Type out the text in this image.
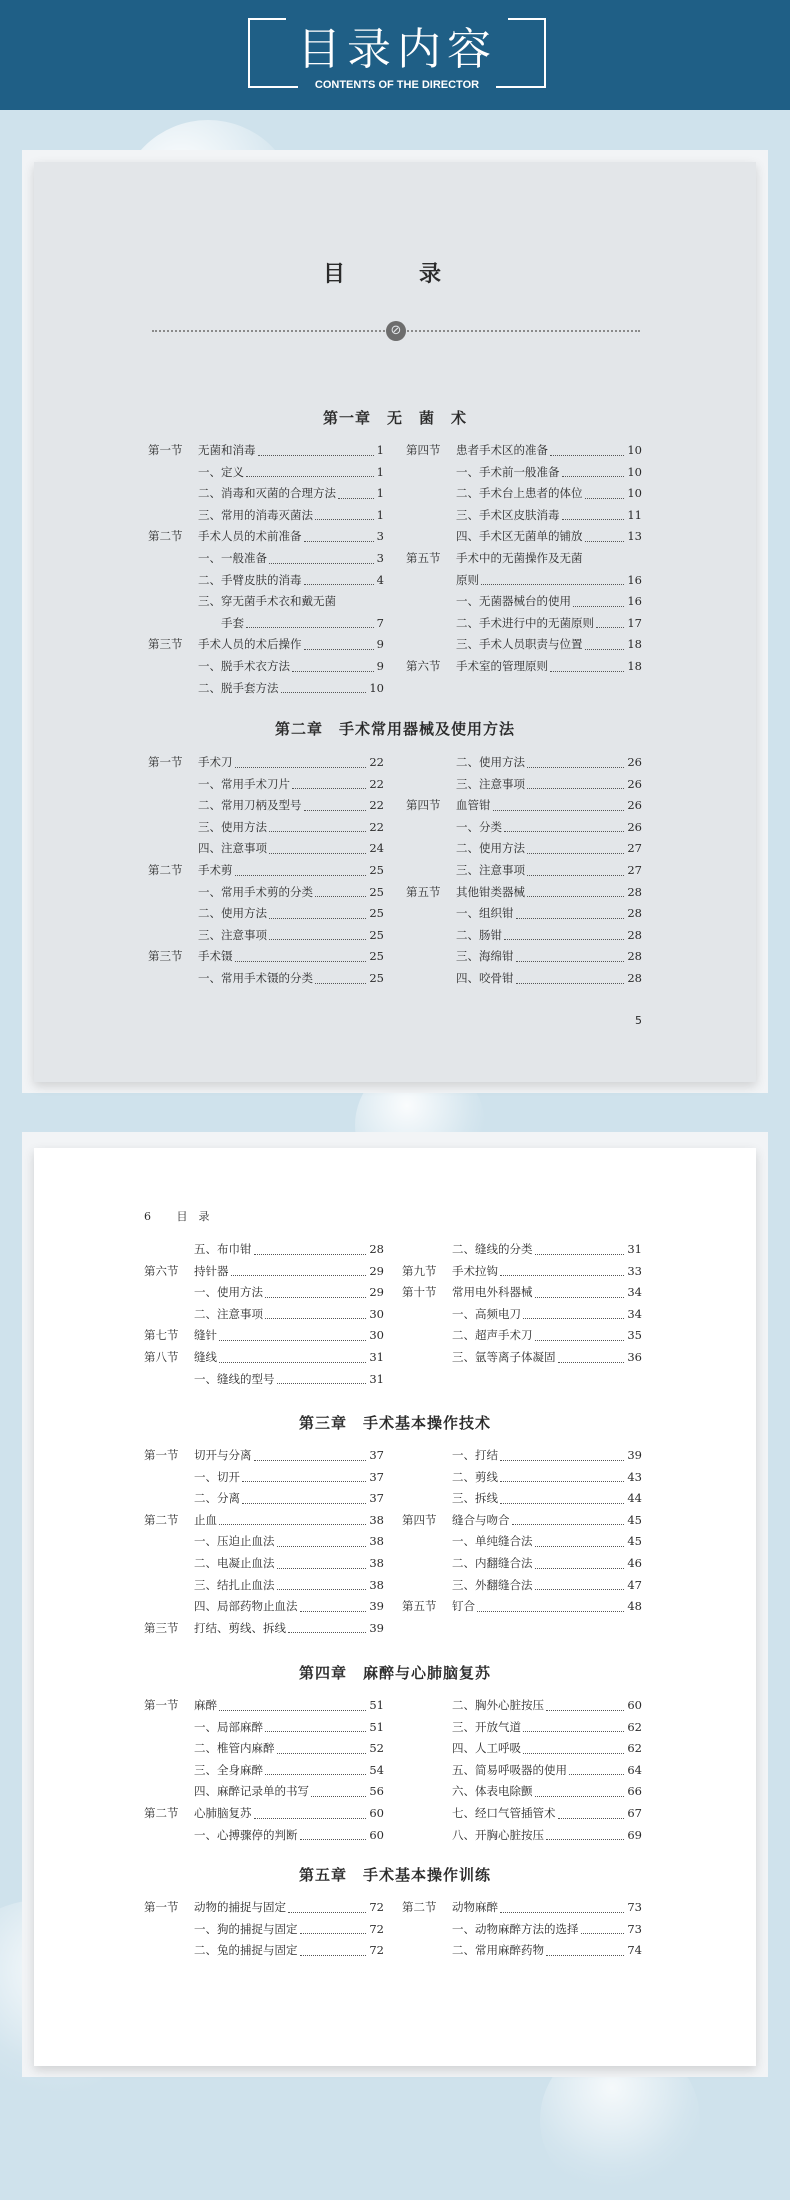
目录内容
CONTENTS OF THE DIRECTOR
目　录
⊘
5
第一章　无　菌　术
第一节 无菌和消毒	1
一、定义	1
二、消毒和灭菌的合理方法	1
三、常用的消毒灭菌法	1
第二节 手术人员的术前准备	3
一、一般准备	3
二、手臂皮肤的消毒	4
三、穿无菌手术衣和戴无菌
　　手套	7
第三节 手术人员的术后操作	9
一、脱手术衣方法	9
二、脱手套方法	10
第四节 患者手术区的准备	10
一、手术前一般准备	10
二、手术台上患者的体位	10
三、手术区皮肤消毒	11
四、手术区无菌单的铺放	13
第五节 手术中的无菌操作及无菌
原则	16
一、无菌器械台的使用	16
二、手术进行中的无菌原则	17
三、手术人员职责与位置	18
第六节 手术室的管理原则	18
第二章　手术常用器械及使用方法
第一节 手术刀	22
一、常用手术刀片	22
二、常用刀柄及型号	22
三、使用方法	22
四、注意事项	24
第二节 手术剪	25
一、常用手术剪的分类	25
二、使用方法	25
三、注意事项	25
第三节 手术镊	25
一、常用手术镊的分类	25
二、使用方法	26
三、注意事项	26
第四节 血管钳	26
一、分类	26
二、使用方法	27
三、注意事项	27
第五节 其他钳类器械	28
一、组织钳	28
二、肠钳	28
三、海绵钳	28
四、咬骨钳	28
6 目　录
五、布巾钳	28
第六节 持针器	29
一、使用方法	29
二、注意事项	30
第七节 缝针	30
第八节 缝线	31
一、缝线的型号	31
二、缝线的分类	31
第九节 手术拉钩	33
第十节 常用电外科器械	34
一、高频电刀	34
二、超声手术刀	35
三、氩等离子体凝固	36
第三章　手术基本操作技术
第一节 切开与分离	37
一、切开	37
二、分离	37
第二节 止血	38
一、压迫止血法	38
二、电凝止血法	38
三、结扎止血法	38
四、局部药物止血法	39
第三节 打结、剪线、拆线	39
一、打结	39
二、剪线	43
三、拆线	44
第四节 缝合与吻合	45
一、单纯缝合法	45
二、内翻缝合法	46
三、外翻缝合法	47
第五节 钉合	48
第四章　麻醉与心肺脑复苏
第一节 麻醉	51
一、局部麻醉	51
二、椎管内麻醉	52
三、全身麻醉	54
四、麻醉记录单的书写	56
第二节 心肺脑复苏	60
一、心搏骤停的判断	60
二、胸外心脏按压	60
三、开放气道	62
四、人工呼吸	62
五、简易呼吸器的使用	64
六、体表电除颤	66
七、经口气管插管术	67
八、开胸心脏按压	69
第五章　手术基本操作训练
第一节 动物的捕捉与固定	72
一、狗的捕捉与固定	72
二、兔的捕捉与固定	72
第二节 动物麻醉	73
一、动物麻醉方法的选择	73
二、常用麻醉药物	74
